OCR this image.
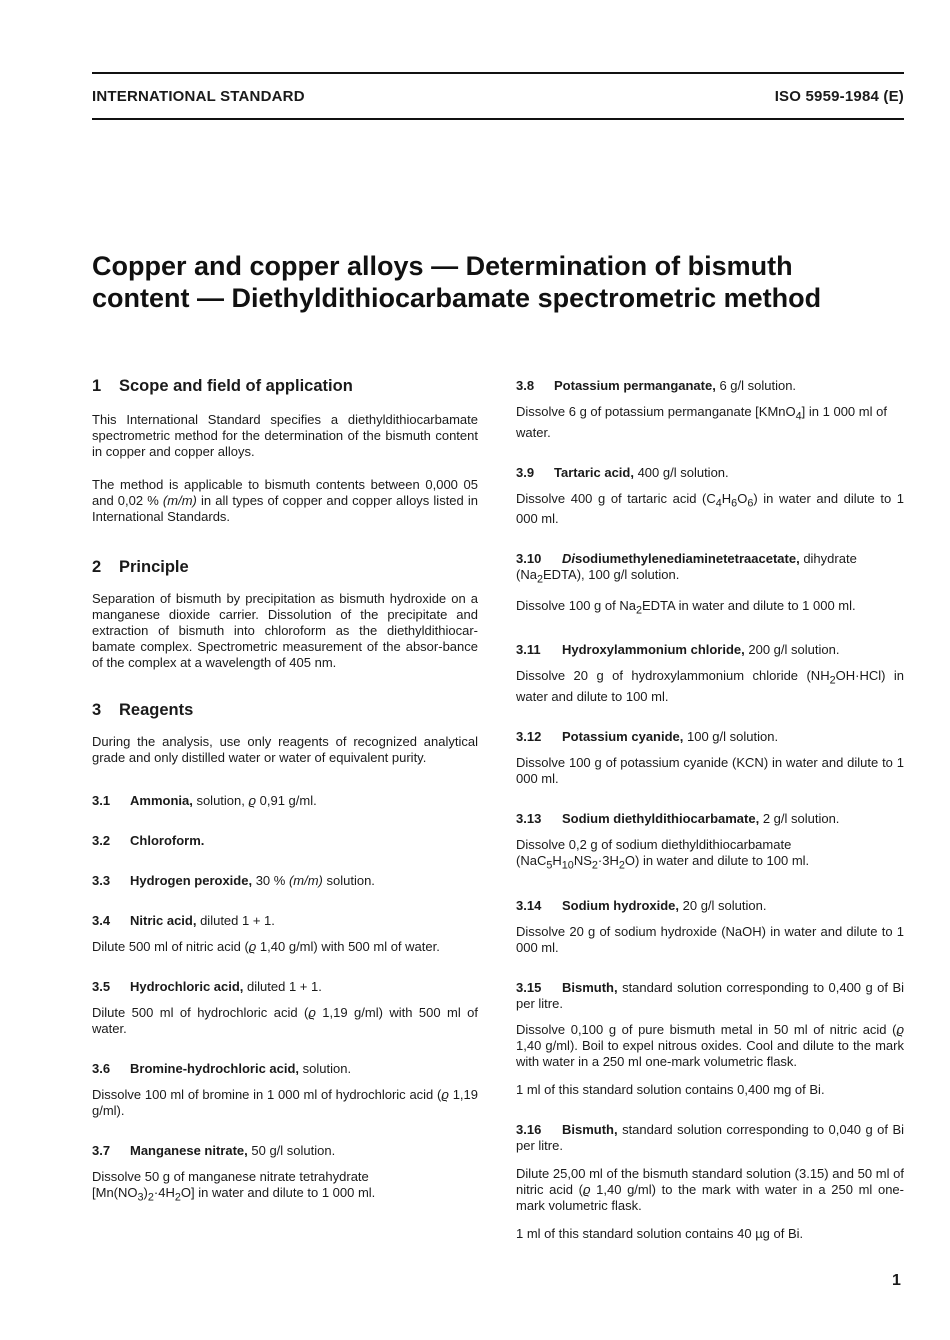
INTERNATIONAL STANDARD	ISO 5959-1984 (E)
Copper and copper alloys — Determination of bismuth
content — Diethyldithiocarbamate spectrometric method
1 Scope and field of application

This International Standard specifies a diethyldithiocarbamate spectrometric method for the determination of the bismuth content in copper and copper alloys.

The method is applicable to bismuth contents between 0,000 05 and 0,02 % (m/m) in all types of copper and copper alloys listed in International Standards.

2 Principle

Separation of bismuth by precipitation as bismuth hydroxide on a manganese dioxide carrier. Dissolution of the precipitate and extraction of bismuth into chloroform as the diethyldithiocar-bamate complex. Spectrometric measurement of the absor-bance of the complex at a wavelength of 405 nm.

3 Reagents

During the analysis, use only reagents of recognized analytical grade and only distilled water or water of equivalent purity.

3.1 Ammonia, solution, ϱ 0,91 g/ml.

3.2 Chloroform.

3.3 Hydrogen peroxide, 30 % (m/m) solution.

3.4 Nitric acid, diluted 1 + 1.

Dilute 500 ml of nitric acid (ϱ 1,40 g/ml) with 500 ml of water.

3.5 Hydrochloric acid, diluted 1 + 1.

Dilute 500 ml of hydrochloric acid (ϱ 1,19 g/ml) with 500 ml of water.

3.6 Bromine-hydrochloric acid, solution.

Dissolve 100 ml of bromine in 1 000 ml of hydrochloric acid (ϱ 1,19 g/ml).

3.7 Manganese nitrate, 50 g/l solution.

Dissolve 50 g of manganese nitrate tetrahydrate
$[Mn(NO_3)_2\cdot 4H_2O]$ in water and dilute to 1 000 ml.

3.8 Potassium permanganate, 6 g/l solution.

Dissolve 6 g of potassium permanganate [KMnO$_4$] in 1 000 ml of water.

3.9 Tartaric acid, 400 g/l solution.

Dissolve 400 g of tartaric acid $(C_4H_6O_6)$ in water and dilute to 1 000 ml.

3.10 Disodiumethylenediaminetetraacetate, dihydrate
$(Na_2EDTA)$, 100 g/l solution.

Dissolve 100 g of $Na_2EDTA$ in water and dilute to 1 000 ml.

3.11 Hydroxylammonium chloride, 200 g/l solution.

Dissolve 20 g of hydroxylammonium chloride $(NH_2OH\cdot HCl)$ in water and dilute to 100 ml.

3.12 Potassium cyanide, 100 g/l solution.

Dissolve 100 g of potassium cyanide (KCN) in water and dilute to 1 000 ml.

3.13 Sodium diethyldithiocarbamate, 2 g/l solution.

Dissolve 0,2 g of sodium diethyldithiocarbamate
$(NaC_5H_{10}NS_2\cdot 3H_2O)$ in water and dilute to 100 ml.

3.14 Sodium hydroxide, 20 g/l solution.

Dissolve 20 g of sodium hydroxide (NaOH) in water and dilute to 1 000 ml.

3.15 Bismuth, standard solution corresponding to 0,400 g of Bi per litre.

Dissolve 0,100 g of pure bismuth metal in 50 ml of nitric acid (ϱ 1,40 g/ml). Boil to expel nitrous oxides. Cool and dilute to the mark with water in a 250 ml one-mark volumetric flask.

1 ml of this standard solution contains 0,400 mg of Bi.

3.16 Bismuth, standard solution corresponding to 0,040 g of Bi per litre.

Dilute 25,00 ml of the bismuth standard solution (3.15) and 50 ml of nitric acid (ϱ 1,40 g/ml) to the mark with water in a 250 ml one-mark volumetric flask.

1 ml of this standard solution contains 40 µg of Bi.

1
